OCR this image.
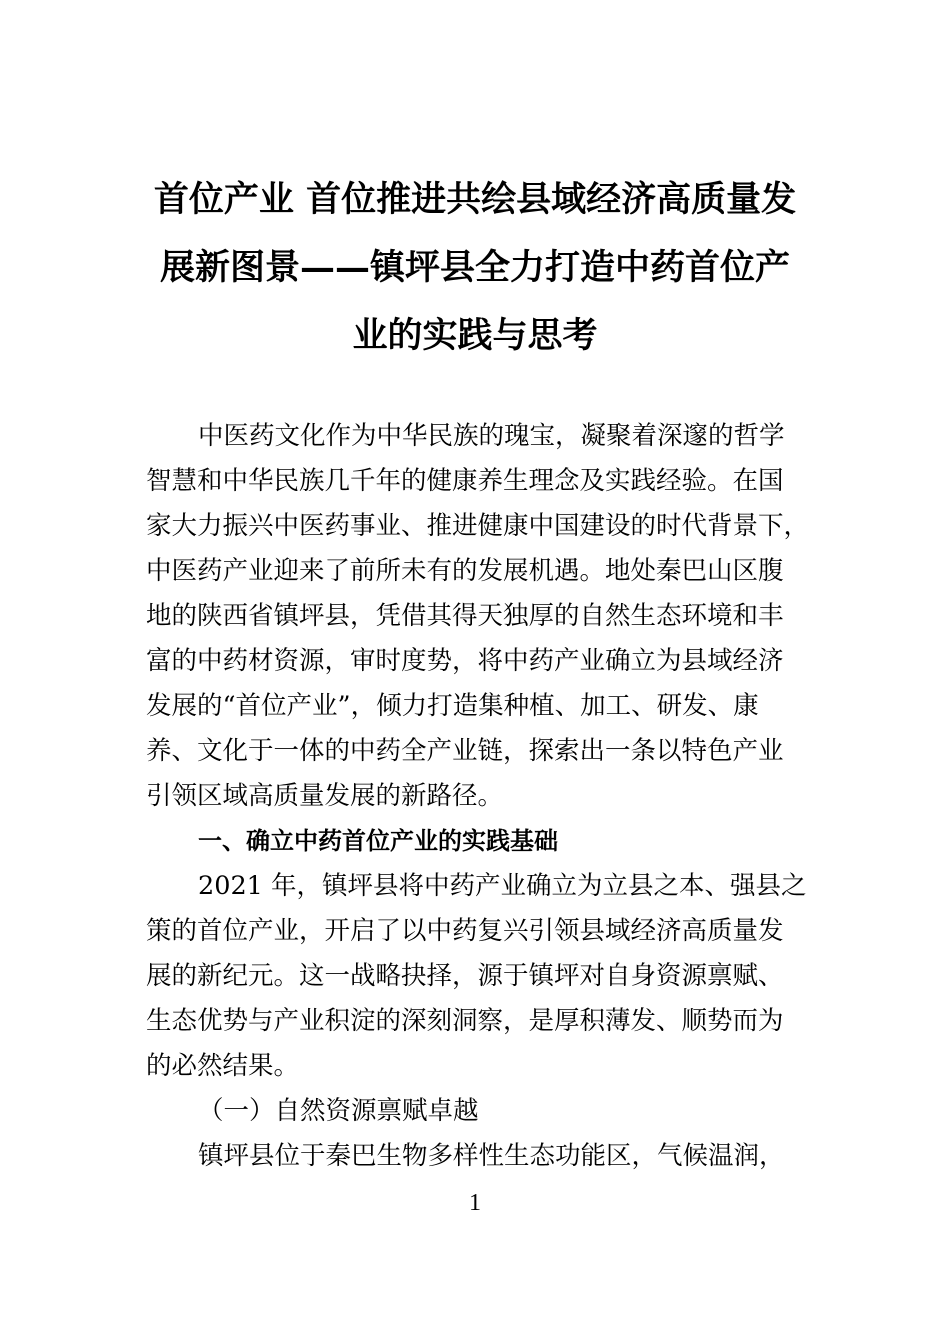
首位产业 首位推进共绘县域经济高质量发
展新图景——镇坪县全力打造中药首位产
业的实践与思考
中医药文化作为中华民族的瑰宝，凝聚着深邃的哲学
智慧和中华民族几千年的健康养生理念及实践经验。在国
家大力振兴中医药事业、推进健康中国建设的时代背景下，
中医药产业迎来了前所未有的发展机遇。地处秦巴山区腹
地的陕西省镇坪县，凭借其得天独厚的自然生态环境和丰
富的中药材资源，审时度势，将中药产业确立为县域经济
发展的“首位产业”，倾力打造集种植、加工、研发、康
养、文化于一体的中药全产业链，探索出一条以特色产业
引领区域高质量发展的新路径。
一、确立中药首位产业的实践基础
2021 年，镇坪县将中药产业确立为立县之本、强县之
策的首位产业，开启了以中药复兴引领县域经济高质量发
展的新纪元。这一战略抉择，源于镇坪对自身资源禀赋、
生态优势与产业积淀的深刻洞察，是厚积薄发、顺势而为
的必然结果。
（一）自然资源禀赋卓越
镇坪县位于秦巴生物多样性生态功能区，气候温润，
1
